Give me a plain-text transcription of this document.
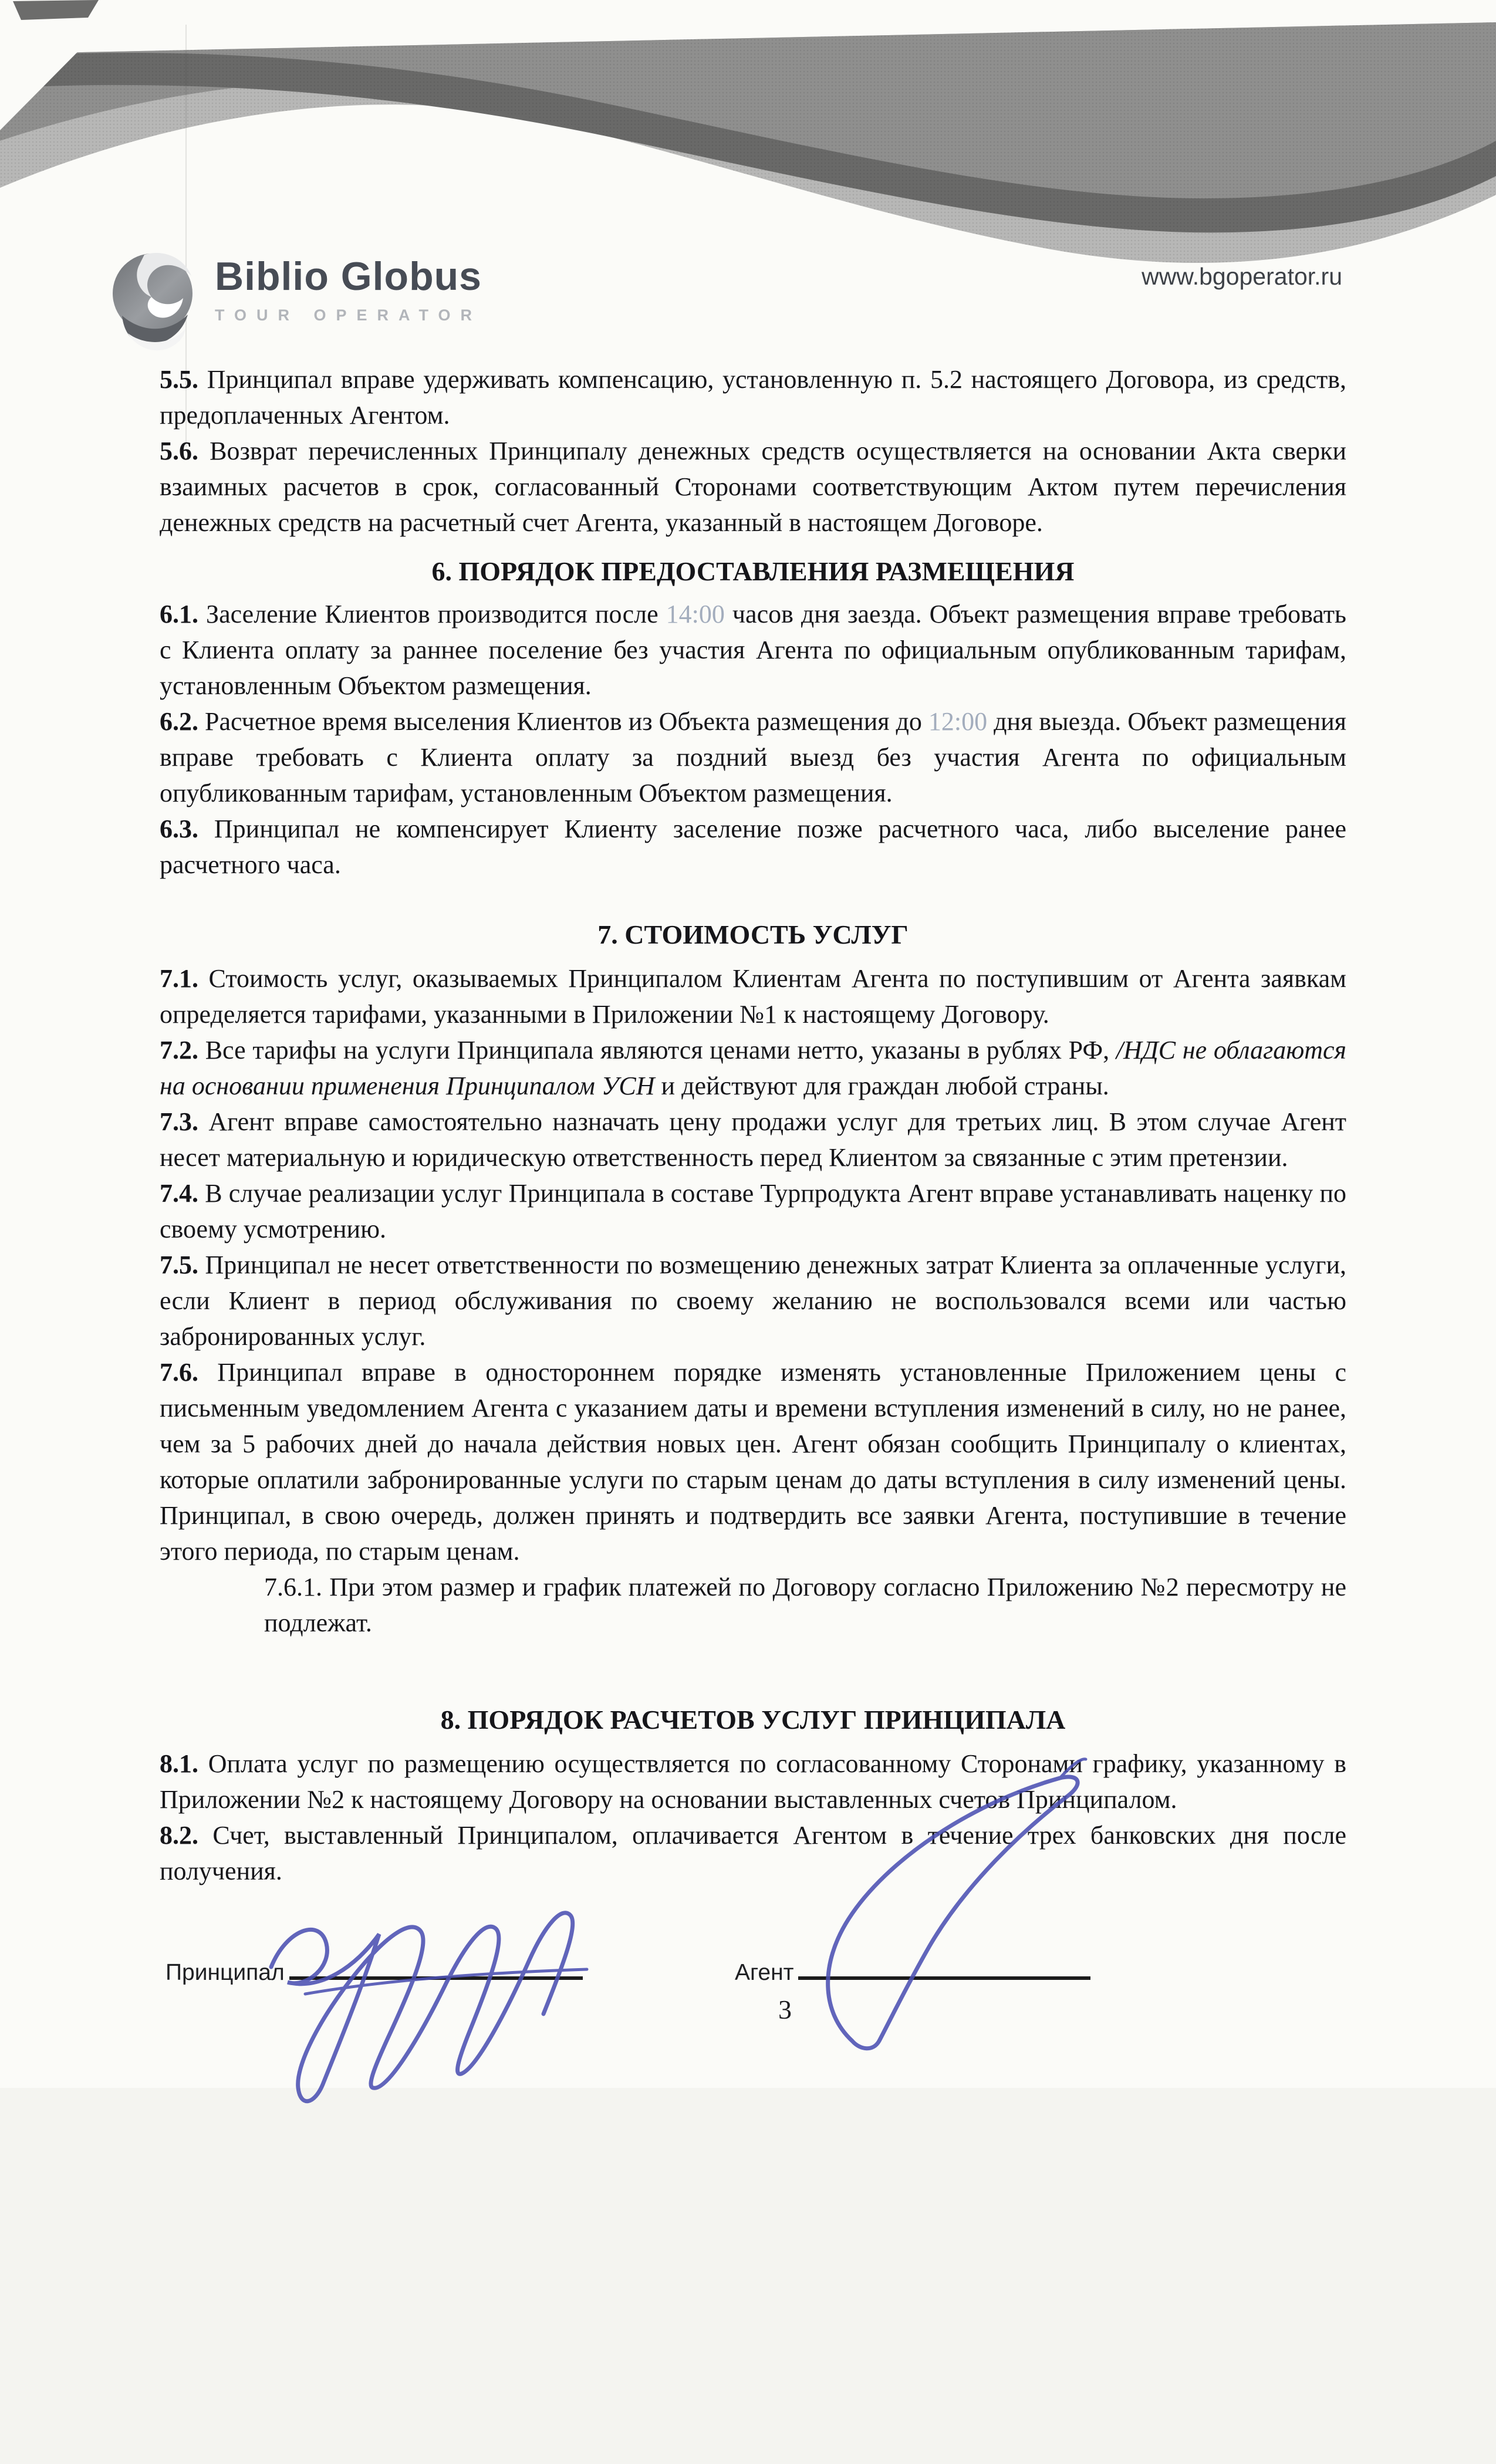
Biblio Globus
TOUR OPERATOR
www.bgoperator.ru

5.5. Принципал вправе удерживать компенсацию, установленную п. 5.2 настоящего Договора, из средств, предоплаченных Агентом.

5.6. Возврат перечисленных Принципалу денежных средств осуществляется на основании Акта сверки взаимных расчетов в срок, согласованный Сторонами соответствующим Актом путем перечисления денежных средств на расчетный счет Агента, указанный в настоящем Договоре.

6. ПОРЯДОК ПРЕДОСТАВЛЕНИЯ РАЗМЕЩЕНИЯ

6.1. Заселение Клиентов производится после 14:00 часов дня заезда. Объект размещения вправе требовать с Клиента оплату за раннее поселение без участия Агента по официальным опубликованным тарифам, установленным Объектом размещения.

6.2. Расчетное время выселения Клиентов из Объекта размещения до 12:00 дня выезда. Объект размещения вправе требовать с Клиента оплату за поздний выезд без участия Агента по официальным опубликованным тарифам, установленным Объектом размещения.

6.3. Принципал не компенсирует Клиенту заселение позже расчетного часа, либо выселение ранее расчетного часа.

7. СТОИМОСТЬ УСЛУГ

7.1. Стоимость услуг, оказываемых Принципалом Клиентам Агента по поступившим от Агента заявкам определяется тарифами, указанными в Приложении №1 к настоящему Договору.

7.2. Все тарифы на услуги Принципала являются ценами нетто, указаны в рублях РФ, /НДС не облагаются на основании применения Принципалом УСН и действуют для граждан любой страны.

7.3. Агент вправе самостоятельно назначать цену продажи услуг для третьих лиц. В этом случае Агент несет материальную и юридическую ответственность перед Клиентом за связанные с этим претензии.

7.4. В случае реализации услуг Принципала в составе Турпродукта Агент вправе устанавливать наценку по своему усмотрению.

7.5. Принципал не несет ответственности по возмещению денежных затрат Клиента за оплаченные услуги, если Клиент в период обслуживания по своему желанию не воспользовался всеми или частью забронированных услуг.

7.6. Принципал вправе в одностороннем порядке изменять установленные Приложением цены с письменным уведомлением Агента с указанием даты и времени вступления изменений в силу, но не ранее, чем за 5 рабочих дней до начала действия новых цен. Агент обязан сообщить Принципалу о клиентах, которые оплатили забронированные услуги по старым ценам до даты вступления в силу изменений цены. Принципал, в свою очередь, должен принять и подтвердить все заявки Агента, поступившие в течение этого периода, по старым ценам.

7.6.1. При этом размер и график платежей по Договору согласно Приложению №2 пересмотру не подлежат.

8. ПОРЯДОК РАСЧЕТОВ УСЛУГ ПРИНЦИПАЛА

8.1. Оплата услуг по размещению осуществляется по согласованному Сторонами графику, указанному в Приложении №2 к настоящему Договору на основании выставленных счетов Принципалом.

8.2. Счет, выставленный Принципалом, оплачивается Агентом в течение трех банковских дня после получения.

Принципал	Агент
3
